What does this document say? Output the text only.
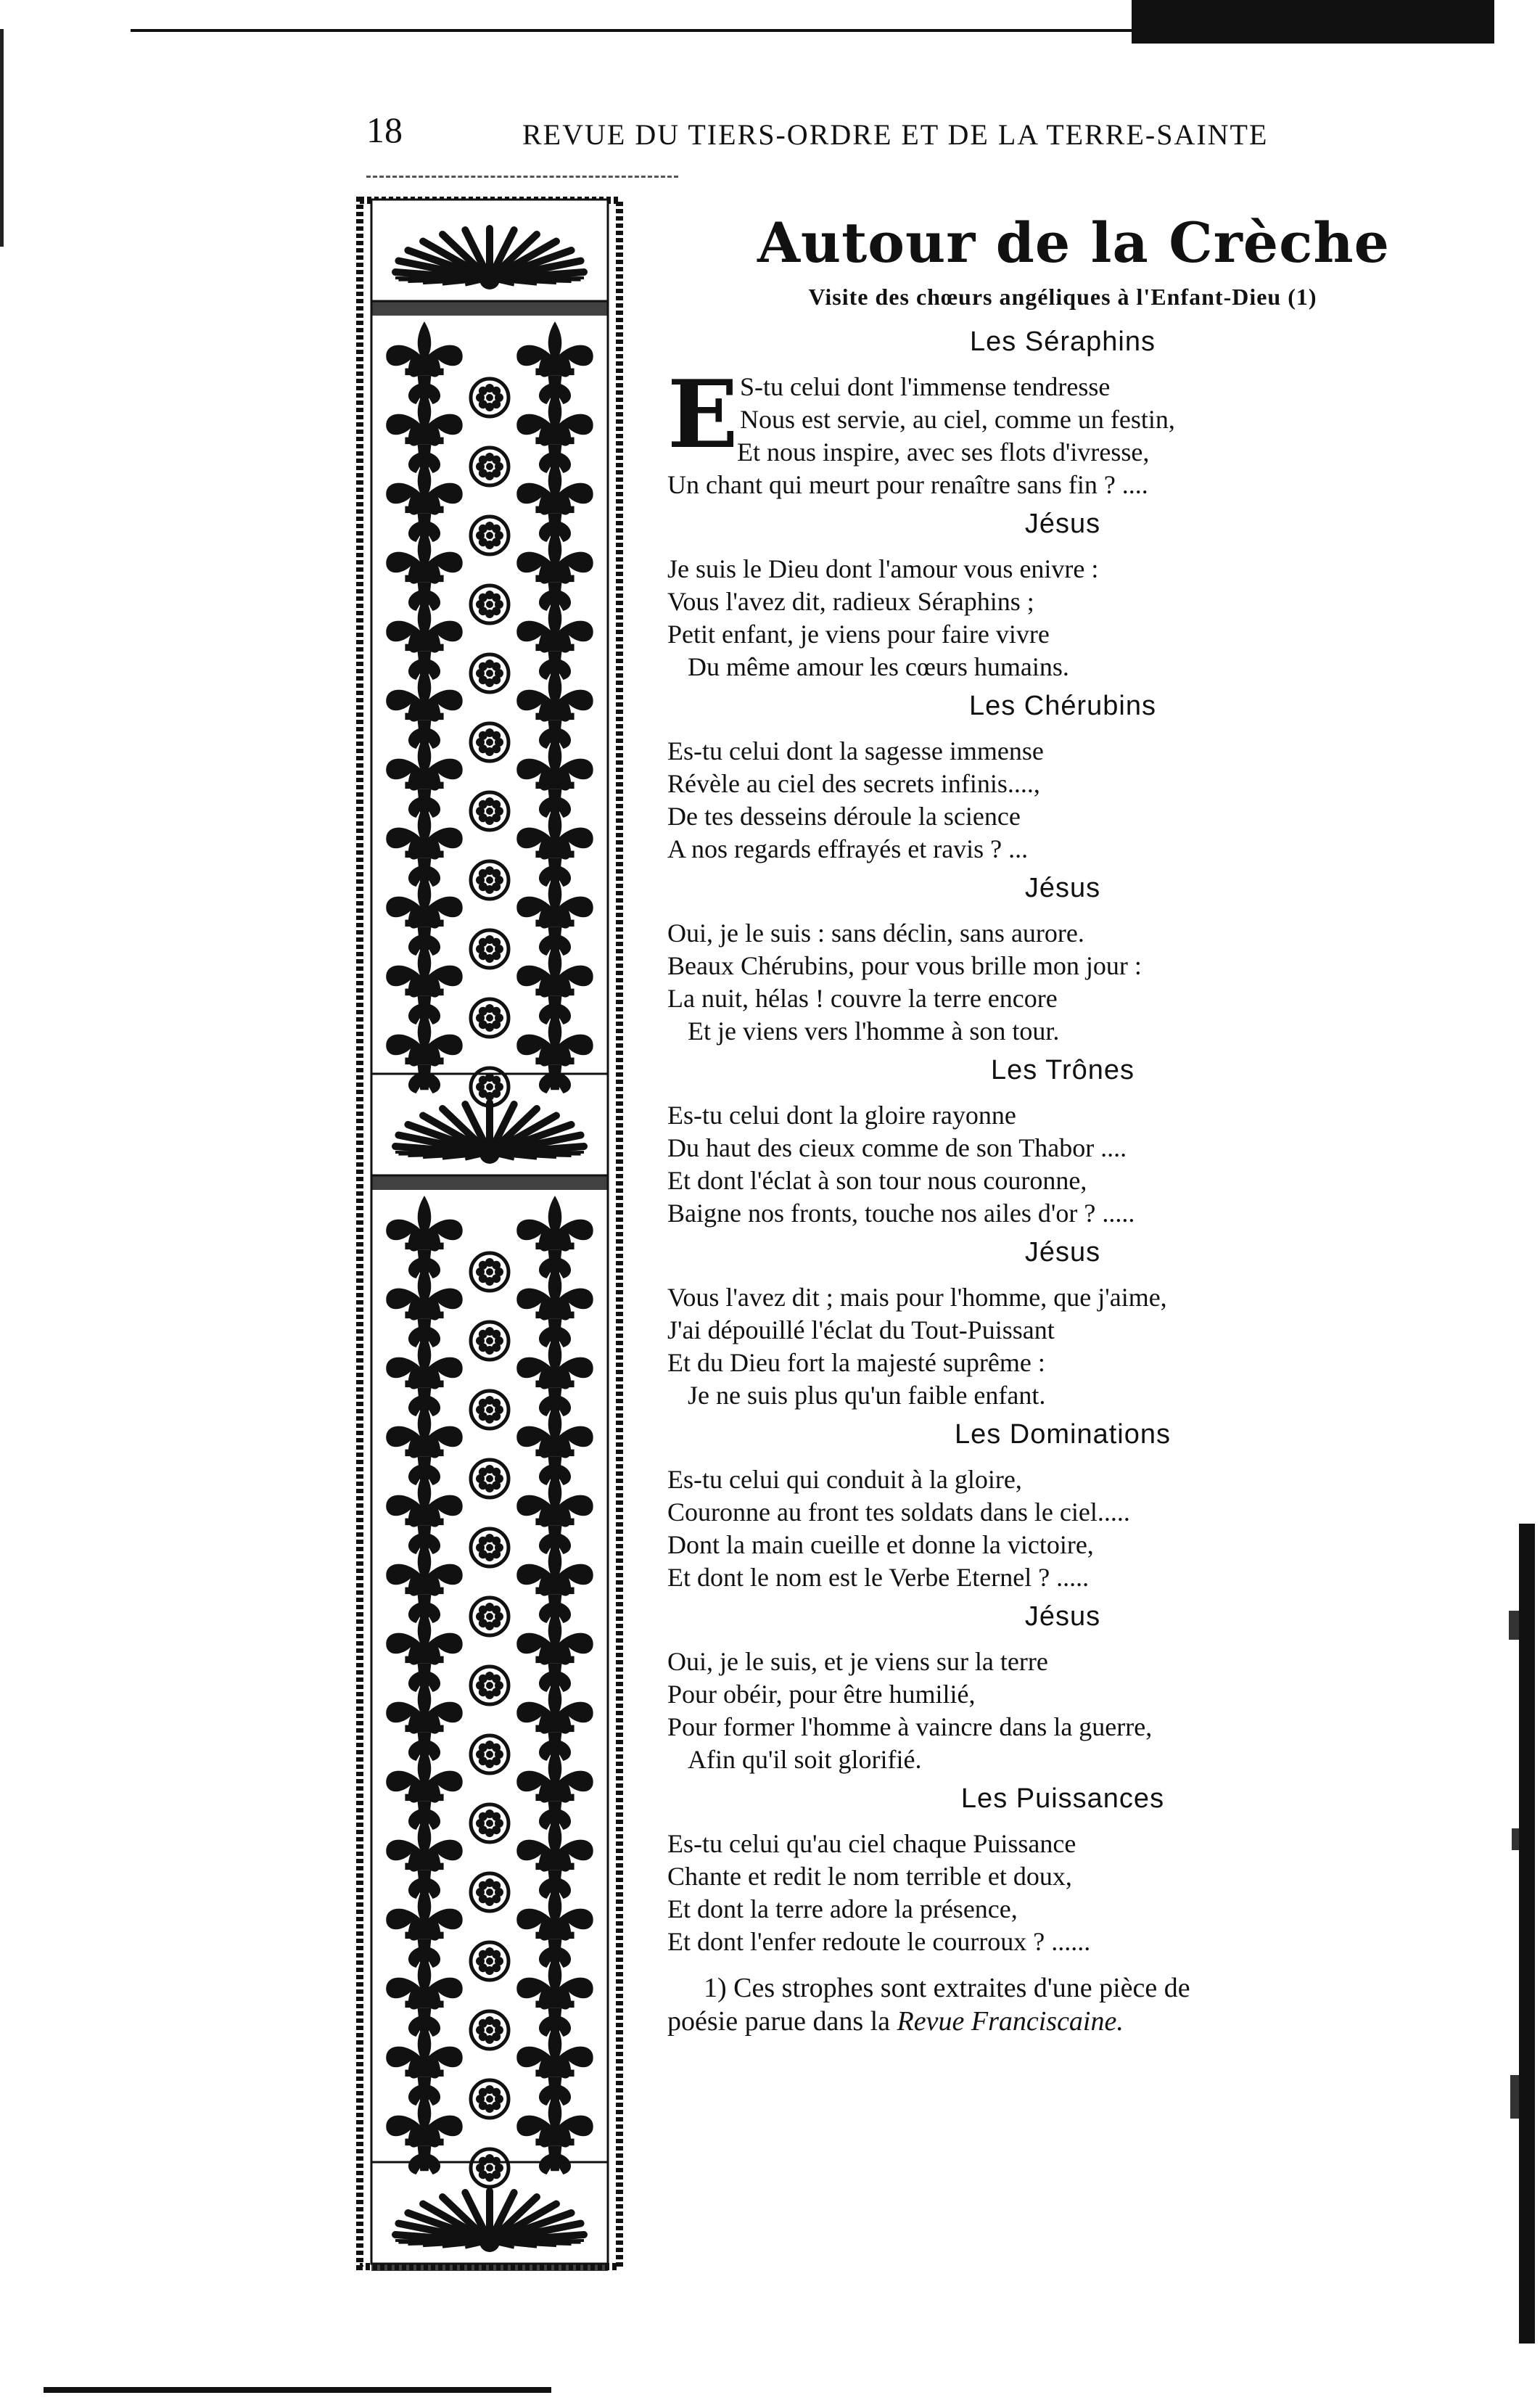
18	REVUE DU TIERS-ORDRE ET DE LA TERRE-SAINTE
Autour de la Crèche
Visite des chœurs angéliques à l'Enfant-Dieu (1)
Les Séraphins
E S-tu celui dont l'immense tendresse
Nous est servie, au ciel, comme un festin,
Et nous inspire, avec ses flots d'ivresse,
Un chant qui meurt pour renaître sans fin ? ....
Jésus
Je suis le Dieu dont l'amour vous enivre :
Vous l'avez dit, radieux Séraphins ;
Petit enfant, je viens pour faire vivre
Du même amour les cœurs humains.
Les Chérubins
Es-tu celui dont la sagesse immense
Révèle au ciel des secrets infinis....,
De tes desseins déroule la science
A nos regards effrayés et ravis ? ...
Jésus
Oui, je le suis : sans déclin, sans aurore.
Beaux Chérubins, pour vous brille mon jour :
La nuit, hélas ! couvre la terre encore
Et je viens vers l'homme à son tour.
Les Trônes
Es-tu celui dont la gloire rayonne
Du haut des cieux comme de son Thabor ....
Et dont l'éclat à son tour nous couronne,
Baigne nos fronts, touche nos ailes d'or ? .....
Jésus
Vous l'avez dit ; mais pour l'homme, que j'aime,
J'ai dépouillé l'éclat du Tout-Puissant
Et du Dieu fort la majesté suprême :
Je ne suis plus qu'un faible enfant.
Les Dominations
Es-tu celui qui conduit à la gloire,
Couronne au front tes soldats dans le ciel.....
Dont la main cueille et donne la victoire,
Et dont le nom est le Verbe Eternel ? .....
Jésus
Oui, je le suis, et je viens sur la terre
Pour obéir, pour être humilié,
Pour former l'homme à vaincre dans la guerre,
Afin qu'il soit glorifié.
Les Puissances
Es-tu celui qu'au ciel chaque Puissance
Chante et redit le nom terrible et doux,
Et dont la terre adore la présence,
Et dont l'enfer redoute le courroux ? ......
1) Ces strophes sont extraites d'une pièce de
poésie parue dans la Revue Franciscaine.
